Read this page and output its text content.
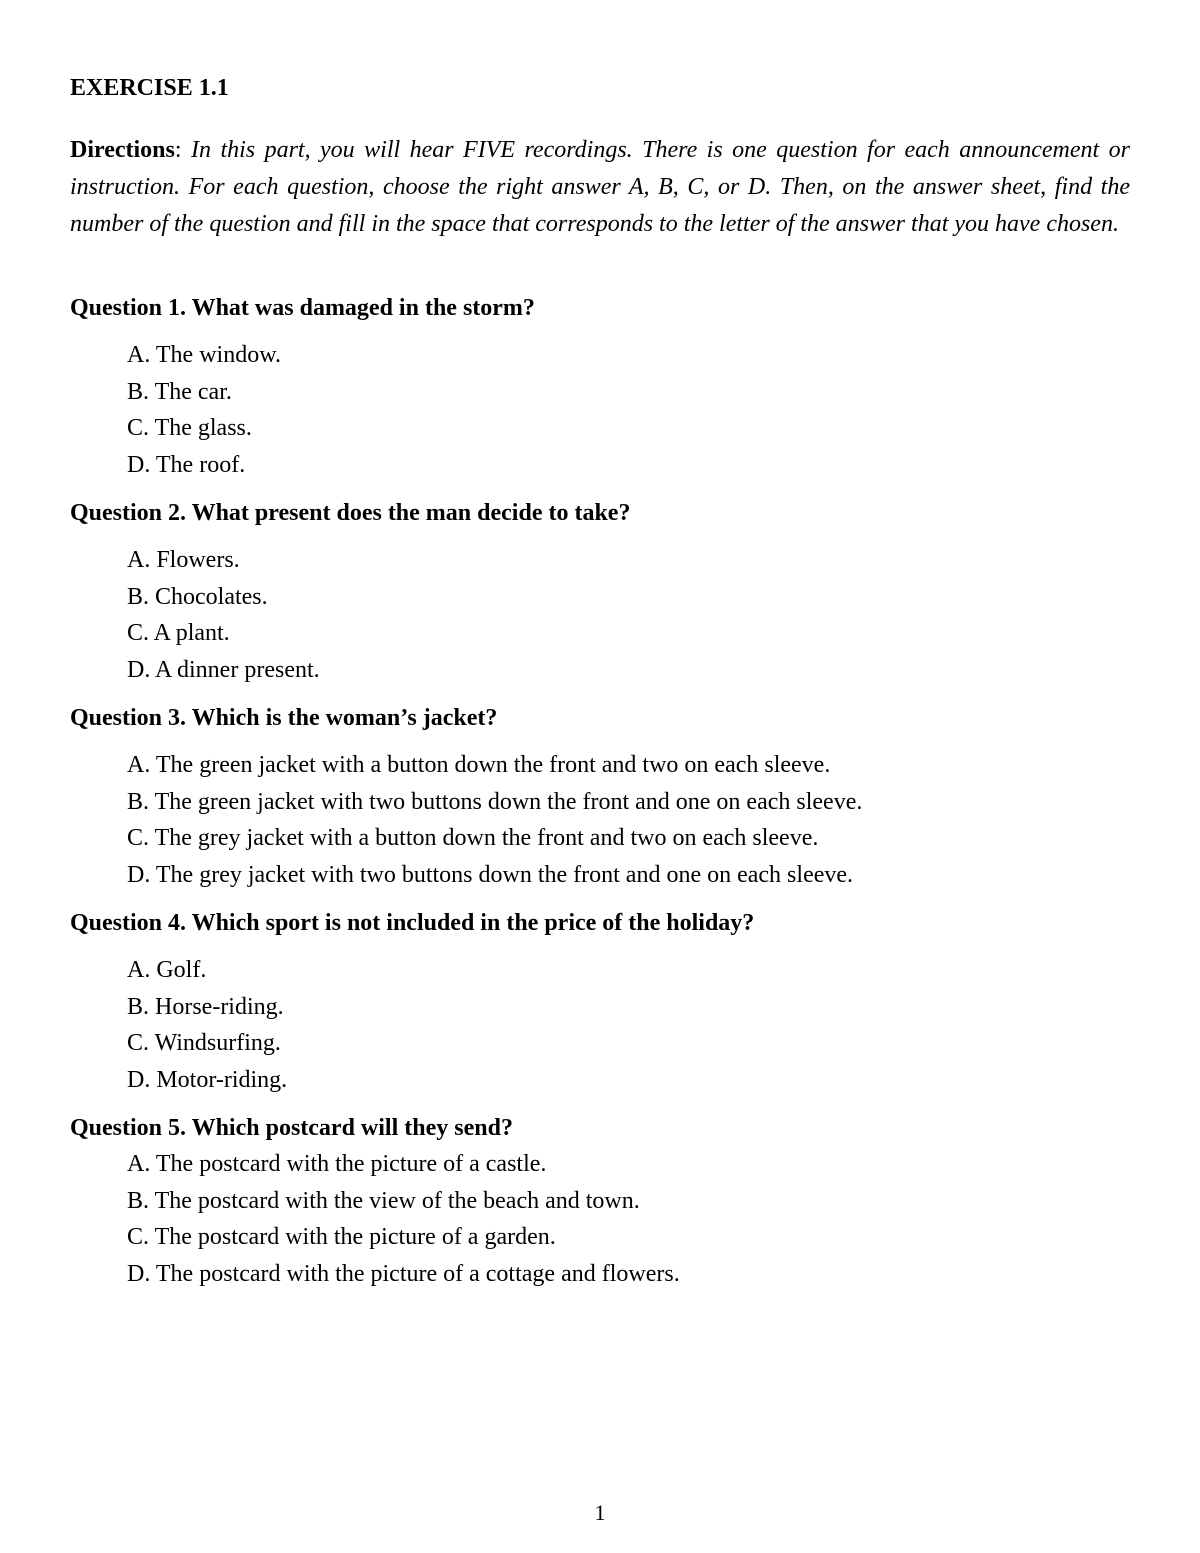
EXERCISE 1.1
Directions: In this part, you will hear FIVE recordings. There is one question for each announcement or instruction. For each question, choose the right answer A, B, C, or D. Then, on the answer sheet, find the number of the question and fill in the space that corresponds to the letter of the answer that you have chosen.
Question 1. What was damaged in the storm?
A. The window.
B. The car.
C. The glass.
D. The roof.
Question 2. What present does the man decide to take?
A. Flowers.
B. Chocolates.
C. A plant.
D. A dinner present.
Question 3. Which is the woman’s jacket?
A. The green jacket with a button down the front and two on each sleeve.
B. The green jacket with two buttons down the front and one on each sleeve.
C. The grey jacket with a button down the front and two on each sleeve.
D. The grey jacket with two buttons down the front and one on each sleeve.
Question 4. Which sport is not included in the price of the holiday?
A. Golf.
B. Horse-riding.
C. Windsurfing.
D. Motor-riding.
Question 5. Which postcard will they send?
A. The postcard with the picture of a castle.
B. The postcard with the view of the beach and town.
C. The postcard with the picture of a garden.
D. The postcard with the picture of a cottage and flowers.
1
